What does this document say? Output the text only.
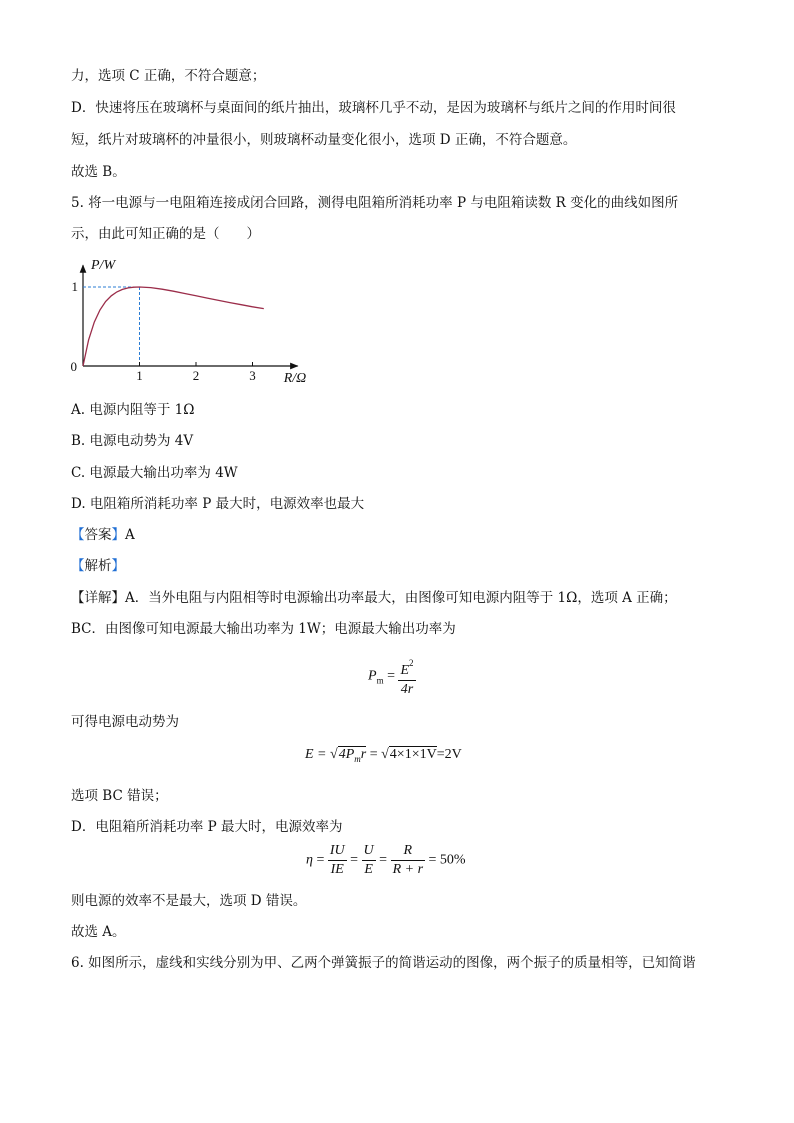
力，选项 C 正确，不符合题意；
D．快速将压在玻璃杯与桌面间的纸片抽出，玻璃杯几乎不动，是因为玻璃杯与纸片之间的作用时间很
短，纸片对玻璃杯的冲量很小，则玻璃杯动量变化很小，选项 D 正确，不符合题意。
故选 B。
5. 将一电源与一电阻箱连接成闭合回路，测得电阻箱所消耗功率 P 与电阻箱读数 R 变化的曲线如图所
示，由此可知正确的是（　　）
1	2	3
1
0
P/W
R/Ω
A. 电源内阻等于 1Ω
B. 电源电动势为 4V
C. 电源最大输出功率为 4W
D. 电阻箱所消耗功率 P 最大时，电源效率也最大
【答案】A
【解析】
【详解】A．当外电阻与内阻相等时电源输出功率最大，由图像可知电源内阻等于 1Ω，选项 A 正确；
BC．由图像可知电源最大输出功率为 1W；电源最大输出功率为
$P_m = \frac{E^2}{4r}$
可得电源电动势为
$E = √4P_mr = √4\times 1\times 1V=2V$
选项 BC 错误；
D．电阻箱所消耗功率 P 最大时，电源效率为
$\eta = \frac{IU}{IE} = \frac{U}{E} = \frac{R}{R + r} = 50\%$
则电源的效率不是最大，选项 D 错误。
故选 A。
6. 如图所示，虚线和实线分别为甲、乙两个弹簧振子的简谐运动的图像，两个振子的质量相等，已知简谐
